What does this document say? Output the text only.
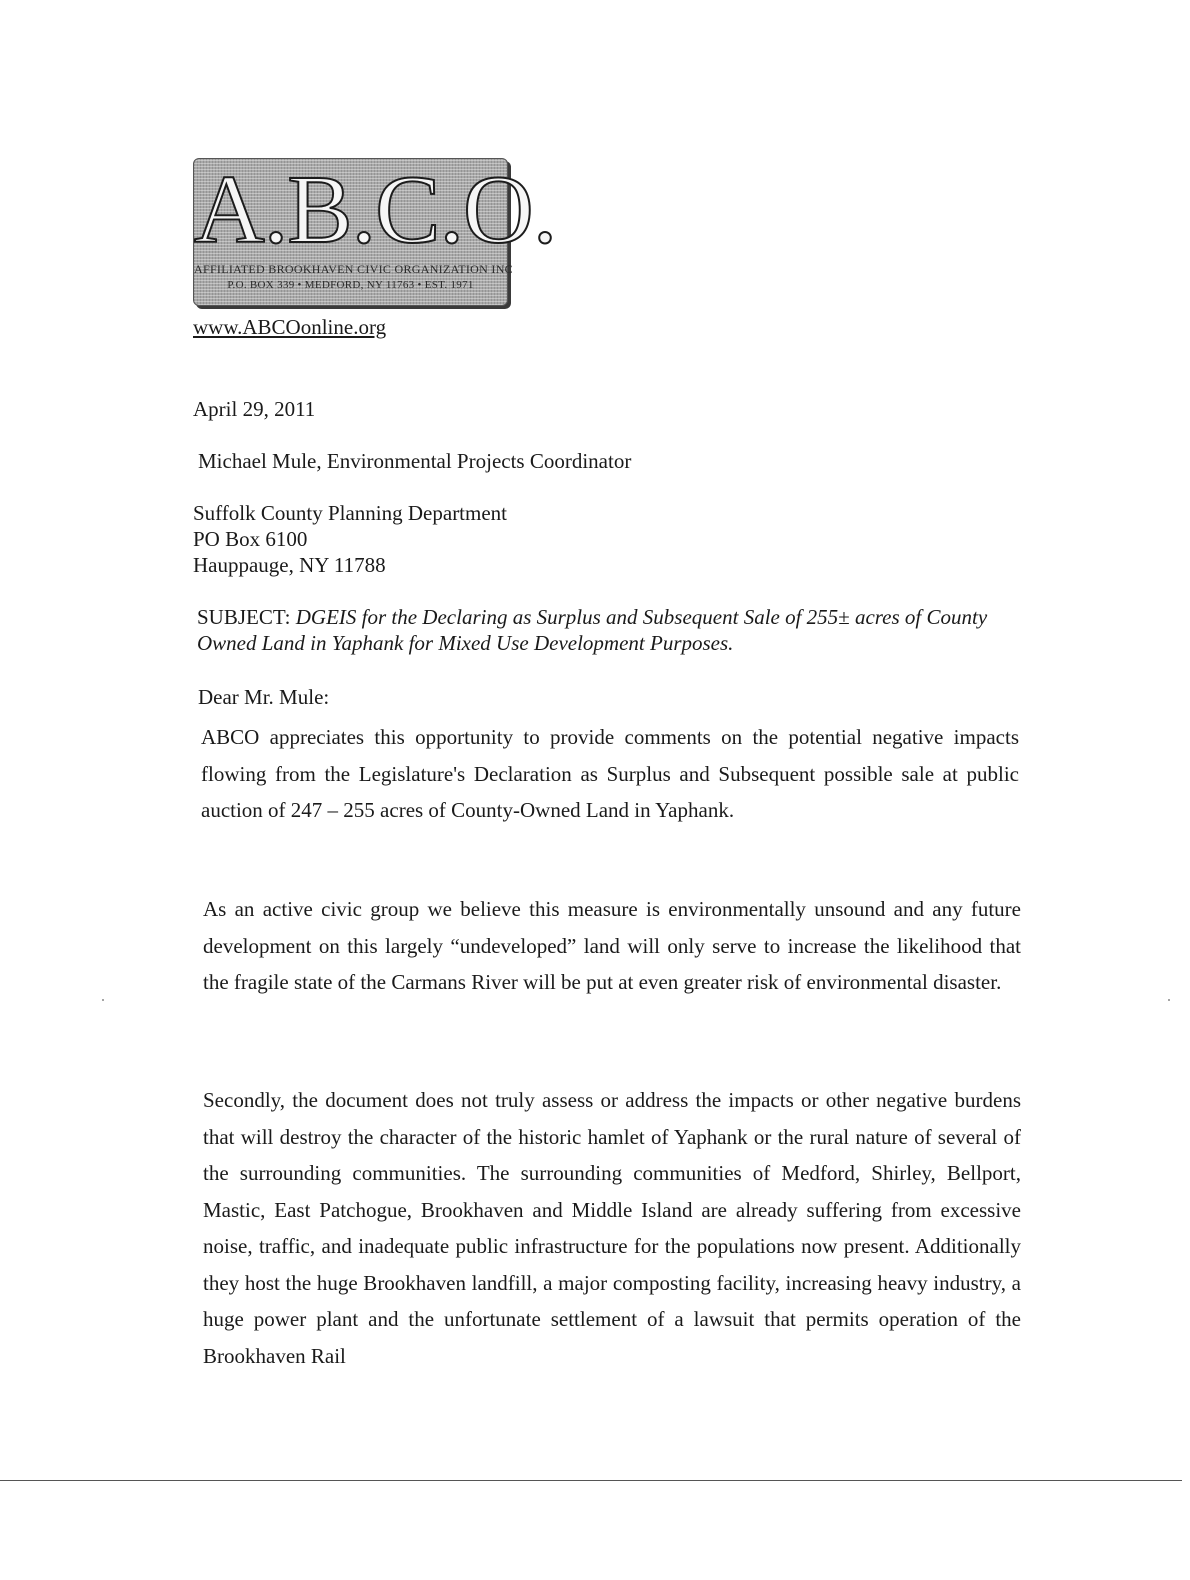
A.B.C.O.
AFFILIATED BROOKHAVEN CIVIC ORGANIZATION INC
P.O. BOX 339 • MEDFORD, NY 11763 • EST. 1971
www.ABCOonline.org
April 29, 2011
Michael Mule, Environmental Projects Coordinator
Suffolk County Planning Department
PO Box 6100
Hauppauge, NY 11788
SUBJECT: DGEIS for the Declaring as Surplus and Subsequent Sale of 255± acres of County Owned Land in Yaphank for Mixed Use Development Purposes.
Dear Mr. Mule:
ABCO appreciates this opportunity to provide comments on the potential negative impacts flowing from the Legislature's Declaration as Surplus and Subsequent possible sale at public auction of 247 – 255 acres of County-Owned Land in Yaphank.
As an active civic group we believe this measure is environmentally unsound and any future development on this largely “undeveloped” land will only serve to increase the likelihood that the fragile state of the Carmans River will be put at even greater risk of environmental disaster.
Secondly, the document does not truly assess or address the impacts or other negative burdens that will destroy the character of the historic hamlet of Yaphank or the rural nature of several of the surrounding communities. The surrounding communities of Medford, Shirley, Bellport, Mastic, East Patchogue, Brookhaven and Middle Island are already suffering from excessive noise, traffic, and inadequate public infrastructure for the populations now present. Additionally they host the huge Brookhaven landfill, a major composting facility, increasing heavy industry, a huge power plant and the unfortunate settlement of a lawsuit that permits operation of the Brookhaven Rail
